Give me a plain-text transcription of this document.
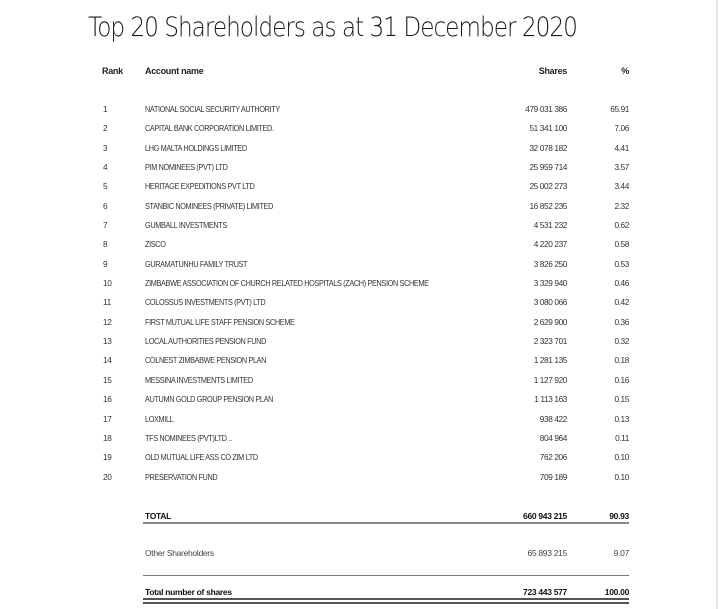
Top 20 Shareholders as at 31 December 2020
Rank Account name	Shares	%
1	NATIONAL SOCIAL SECURITY AUTHORITY	479 031 386	65.91
2	CAPITAL BANK CORPORATION LIMITED.	51 341 100	7.06
3	LHG MALTA HOLDINGS LIMITED	32 078 182	4.41
4	PIM NOMINEES (PVT) LTD	25 959 714	3.57
5	HERITAGE EXPEDITIONS PVT LTD	25 002 273	3.44
6	STANBIC NOMINEES (PRIVATE) LIMITED	16 852 235	2.32
7	GUMBALL INVESTMENTS	4 531 232	0.62
8	ZISCO	4 220 237	0.58
9	GURAMATUNHU FAMILY TRUST	3 826 250	0.53
10	ZIMBABWE ASSOCIATION OF CHURCH RELATED HOSPITALS (ZACH) PENSION SCHEME	3 329 940	0.46
11	COLOSSUS INVESTMENTS (PVT) LTD	3 080 066	0.42
12	FIRST MUTUAL LIFE STAFF PENSION SCHEME	2 629 900	0.36
13	LOCAL AUTHORITIES PENSION FUND	2 323 701	0.32
14	COLNEST ZIMBABWE PENSION PLAN	1 281 135	0.18
15	MESSINA INVESTMENTS LIMITED	1 127 920	0.16
16	AUTUMN GOLD GROUP PENSION PLAN	1 113 163	0.15
17	LOXMILL	938 422	0.13
18	TFS NOMINEES (PVT)LTD ..	804 964	0.11
19	OLD MUTUAL LIFE ASS CO ZIM LTD	762 206	0.10
20	PRESERVATION FUND	709 189	0.10
TOTAL	660 943 215	90.93
Other Shareholders	65 893 215	9.07
Total number of shares	723 443 577	100.00
